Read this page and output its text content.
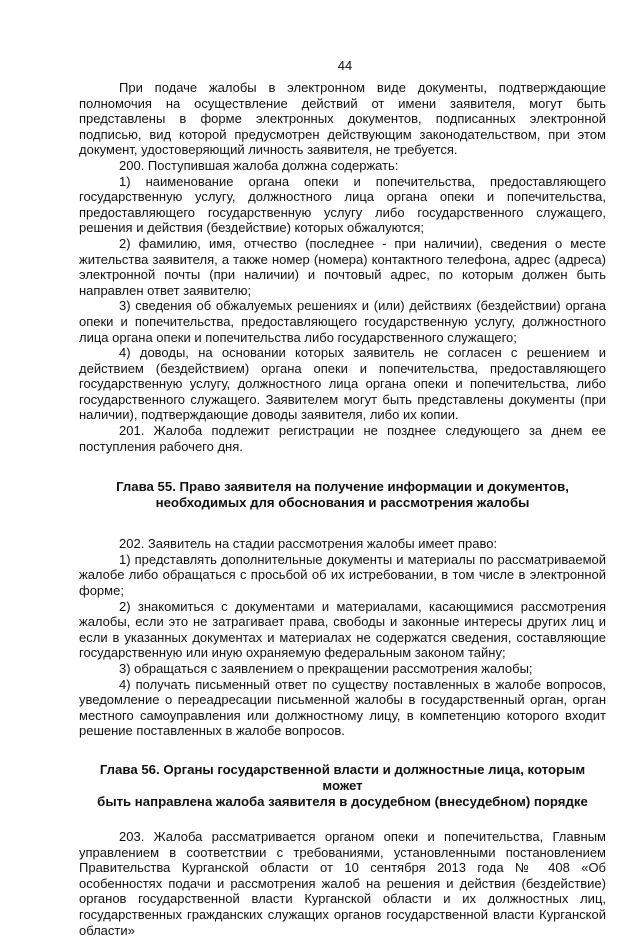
44

При подаче жалобы в электронном виде документы, подтверждающие полномочия на осуществление действий от имени заявителя, могут быть представлены в форме электронных документов, подписанных электронной подписью, вид которой предусмотрен действующим законодательством, при этом документ, удостоверяющий личность заявителя, не требуется.

200. Поступившая жалоба должна содержать:

1) наименование органа опеки и попечительства, предоставляющего государственную услугу, должностного лица органа опеки и попечительства, предоставляющего государственную услугу либо государственного служащего, решения и действия (бездействие) которых обжалуются;

2) фамилию, имя, отчество (последнее - при наличии), сведения о месте жительства заявителя, а также номер (номера) контактного телефона, адрес (адреса) электронной почты (при наличии) и почтовый адрес, по которым должен быть направлен ответ заявителю;

3) сведения об обжалуемых решениях и (или) действиях (бездействии) органа опеки и попечительства, предоставляющего государственную услугу, должностного лица органа опеки и попечительства либо государственного служащего;

4) доводы, на основании которых заявитель не согласен с решением и действием (бездействием) органа опеки и попечительства, предоставляющего государственную услугу, должностного лица органа опеки и попечительства, либо государственного служащего. Заявителем могут быть представлены документы (при наличии), подтверждающие доводы заявителя, либо их копии.

201. Жалоба подлежит регистрации не позднее следующего за днем ее поступления рабочего дня.

Глава 55. Право заявителя на получение информации и документов,
необходимых для обоснования и рассмотрения жалобы

202. Заявитель на стадии рассмотрения жалобы имеет право:

1) представлять дополнительные документы и материалы по рассматриваемой жалобе либо обращаться с просьбой об их истребовании, в том числе в электронной форме;

2) знакомиться с документами и материалами, касающимися рассмотрения жалобы, если это не затрагивает права, свободы и законные интересы других лиц и если в указанных документах и материалах не содержатся сведения, составляющие государственную или иную охраняемую федеральным законом тайну;

3) обращаться с заявлением о прекращении рассмотрения жалобы;

4) получать письменный ответ по существу поставленных в жалобе вопросов, уведомление о переадресации письменной жалобы в государственный орган, орган местного самоуправления или должностному лицу, в компетенцию которого входит решение поставленных в жалобе вопросов.

Глава 56. Органы государственной власти и должностные лица, которым может
быть направлена жалоба заявителя в досудебном (внесудебном) порядке

203. Жалоба рассматривается органом опеки и попечительства, Главным управлением в соответствии с требованиями, установленными постановлением Правительства Курганской области от 10 сентября 2013 года № 408 «Об особенностях подачи и рассмотрения жалоб на решения и действия (бездействие) органов государственной власти Курганской области и их должностных лиц, государственных гражданских служащих органов государственной власти Курганской области»
